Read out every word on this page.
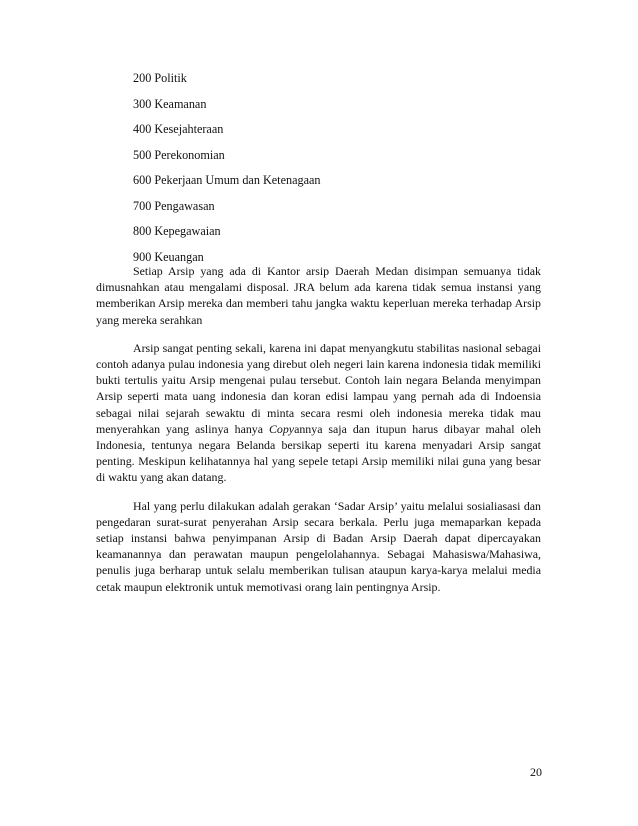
200 Politik
300 Keamanan
400 Kesejahteraan
500 Perekonomian
600 Pekerjaan Umum dan Ketenagaan
700 Pengawasan
800 Kepegawaian
900 Keuangan

Setiap Arsip yang ada di Kantor arsip Daerah Medan disimpan semuanya tidak dimusnahkan atau mengalami disposal. JRA belum ada karena tidak semua instansi yang memberikan Arsip mereka dan memberi tahu jangka waktu keperluan mereka terhadap Arsip yang mereka serahkan

Arsip sangat penting sekali, karena ini dapat menyangkutu stabilitas nasional sebagai contoh adanya pulau indonesia yang direbut oleh negeri lain karena indonesia tidak memiliki bukti tertulis yaitu Arsip mengenai pulau tersebut. Contoh lain negara Belanda menyimpan Arsip seperti mata uang indonesia dan koran edisi lampau yang pernah ada di Indoensia sebagai nilai sejarah sewaktu di minta secara resmi oleh indonesia mereka tidak mau menyerahkan yang aslinya hanya Copyannya saja dan itupun harus dibayar mahal oleh Indonesia, tentunya negara Belanda bersikap seperti itu karena menyadari Arsip sangat penting. Meskipun kelihatannya hal yang sepele tetapi Arsip memiliki nilai guna yang besar di waktu yang akan datang.

Hal yang perlu dilakukan adalah gerakan ‘Sadar Arsip’ yaitu melalui sosialiasasi dan pengedaran surat-surat penyerahan Arsip secara berkala. Perlu juga memaparkan kepada setiap instansi bahwa penyimpanan Arsip di Badan Arsip Daerah dapat dipercayakan keamanannya dan perawatan maupun pengelolahannya. Sebagai Mahasiswa/Mahasiwa, penulis juga berharap untuk selalu memberikan tulisan ataupun karya-karya melalui media cetak maupun elektronik untuk memotivasi orang lain pentingnya Arsip.

20
